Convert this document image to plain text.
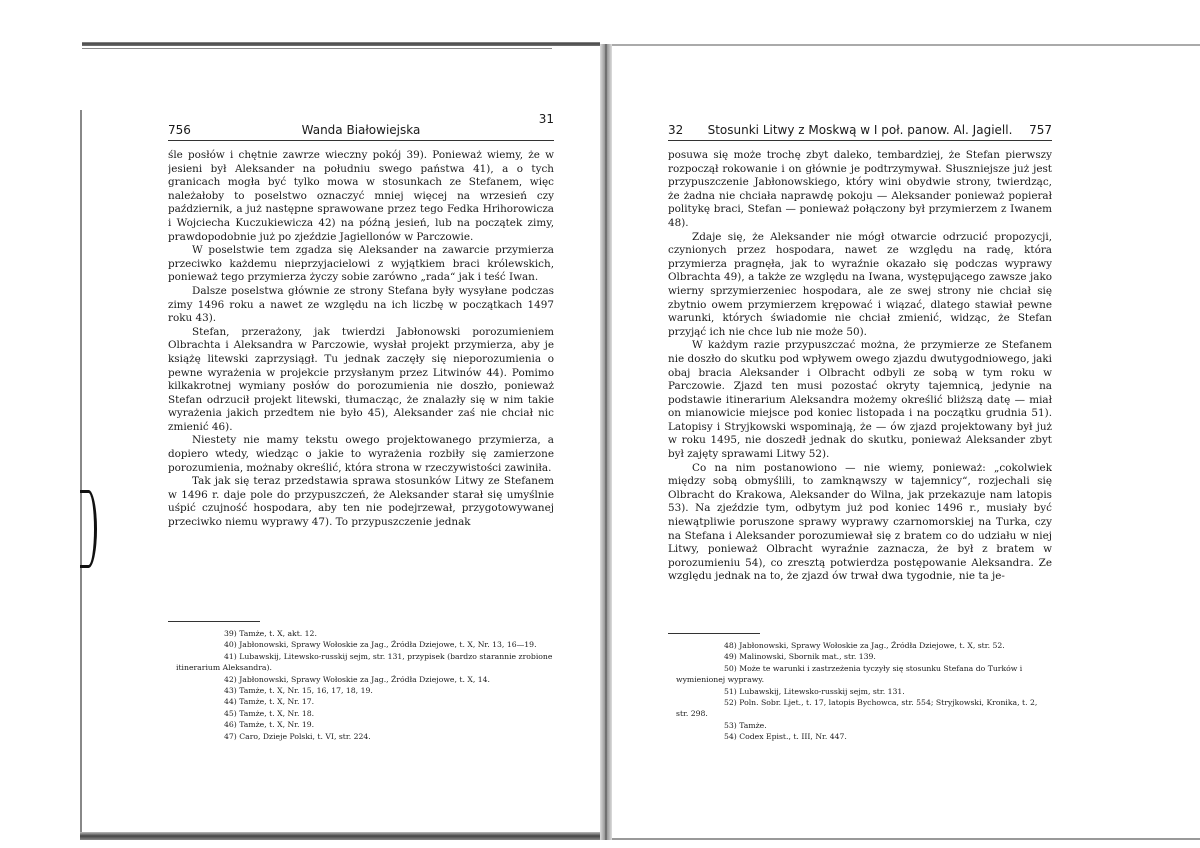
756	Wanda Białowiejska
31

śle posłów i chętnie zawrze wieczny pokój 39). Ponieważ wiemy, że w jesieni był Aleksander na południu swego państwa 41), a o tych granicach mogła być tylko mowa w stosunkach ze Stefanem, więc należałoby to poselstwo oznaczyć mniej więcej na wrzesień czy październik, a już następne sprawowane przez tego Fedka Hrihorowicza i Wojciecha Kuczukiewicza 42) na późną jesień, lub na początek zimy, prawdopodobnie już po zjeździe Jagiellonów w Parczowie.

W poselstwie tem zgadza się Aleksander na zawarcie przymierza przeciwko każdemu nieprzyjacielowi z wyjątkiem braci królewskich, ponieważ tego przymierza życzy sobie zarówno „rada“ jak i teść Iwan.

Dalsze poselstwa głównie ze strony Stefana były wysyłane podczas zimy 1496 roku a nawet ze względu na ich liczbę w początkach 1497 roku 43).

Stefan, przerażony, jak twierdzi Jabłonowski porozumieniem Olbrachta i Aleksandra w Parczowie, wysłał projekt przymierza, aby je książę litewski zaprzysiągł. Tu jednak zaczęły się nieporozumienia o pewne wyrażenia w projekcie przysłanym przez Litwinów 44). Pomimo kilkakrotnej wymiany posłów do porozumienia nie doszło, ponieważ Stefan odrzucił projekt litewski, tłumacząc, że znalazły się w nim takie wyrażenia jakich przedtem nie było 45), Aleksander zaś nie chciał nic zmienić 46).

Niestety nie mamy tekstu owego projektowanego przymierza, a dopiero wtedy, wiedząc o jakie to wyrażenia rozbiły się zamierzone porozumienia, możnaby określić, która strona w rzeczywistości zawiniła.

Tak jak się teraz przedstawia sprawa stosunków Litwy ze Stefanem w 1496 r. daje pole do przypuszczeń, że Aleksander starał się umyślnie uśpić czujność hospodara, aby ten nie podejrzewał, przygotowywanej przeciwko niemu wyprawy 47). To przypuszczenie jednak

39) Tamże, t. X, akt. 12.

40) Jabłonowski, Sprawy Wołoskie za Jag., Źródła Dziejowe, t. X, Nr. 13, 16—19.

41) Lubawskij, Litewsko-russkij sejm, str. 131, przypisek (bardzo starannie zrobione itinerarium Aleksandra).

42) Jabłonowski, Sprawy Wołoskie za Jag., Źródła Dziejowe, t. X, 14.

43) Tamże, t. X, Nr. 15, 16, 17, 18, 19.

44) Tamże, t. X, Nr. 17.

45) Tamże, t. X, Nr. 18.

46) Tamże, t. X, Nr. 19.

47) Caro, Dzieje Polski, t. VI, str. 224.

32	Stosunki Litwy z Moskwą w I poł. panow. Al. Jagiell.	757

posuwa się może trochę zbyt daleko, tembardziej, że Stefan pierwszy rozpoczął rokowanie i on głównie je podtrzymywał. Słuszniejsze już jest przypuszczenie Jabłonowskiego, który wini obydwie strony, twierdząc, że żadna nie chciała naprawdę pokoju — Aleksander ponieważ popierał politykę braci, Stefan — ponieważ połączony był przymierzem z Iwanem 48).

Zdaje się, że Aleksander nie mógł otwarcie odrzucić propozycji, czynionych przez hospodara, nawet ze względu na radę, która przymierza pragnęła, jak to wyraźnie okazało się podczas wyprawy Olbrachta 49), a także ze względu na Iwana, występującego zawsze jako wierny sprzymierzeniec hospodara, ale ze swej strony nie chciał się zbytnio owem przymierzem krępować i wiązać, dlatego stawiał pewne warunki, których świadomie nie chciał zmienić, widząc, że Stefan przyjąć ich nie chce lub nie może 50).

W każdym razie przypuszczać można, że przymierze ze Stefanem nie doszło do skutku pod wpływem owego zjazdu dwutygodniowego, jaki obaj bracia Aleksander i Olbracht odbyli ze sobą w tym roku w Parczowie. Zjazd ten musi pozostać okryty tajemnicą, jedynie na podstawie itinerarium Aleksandra możemy określić bliższą datę — miał on mianowicie miejsce pod koniec listopada i na początku grudnia 51). Latopisy i Stryjkowski wspominają, że — ów zjazd projektowany był już w roku 1495, nie doszedł jednak do skutku, ponieważ Aleksander zbyt był zajęty sprawami Litwy 52).

Co na nim postanowiono — nie wiemy, ponieważ: „cokolwiek między sobą obmyślili, to zamknąwszy w tajemnicy“, rozjechali się Olbracht do Krakowa, Aleksander do Wilna, jak przekazuje nam latopis 53). Na zjeździe tym, odbytym już pod koniec 1496 r., musiały być niewątpliwie poruszone sprawy wyprawy czarnomorskiej na Turka, czy na Stefana i Aleksander porozumiewał się z bratem co do udziału w niej Litwy, ponieważ Olbracht wyraźnie zaznacza, że był z bratem w porozumieniu 54), co zresztą potwierdza postępowanie Aleksandra. Ze względu jednak na to, że zjazd ów trwał dwa tygodnie, nie ta je-

48) Jabłonowski, Sprawy Wołoskie za Jag., Źródła Dziejowe, t. X, str. 52.

49) Malinowski, Sbornik mat., str. 139.

50) Może te warunki i zastrzeżenia tyczyły się stosunku Stefana do Turków i wymienionej wyprawy.

51) Lubawskij, Litewsko-russkij sejm, str. 131.

52) Poln. Sobr. Ljet., t. 17, latopis Bychowca, str. 554; Stryjkowski, Kronika, t. 2, str. 298.

53) Tamże.

54) Codex Epist., t. III, Nr. 447.
